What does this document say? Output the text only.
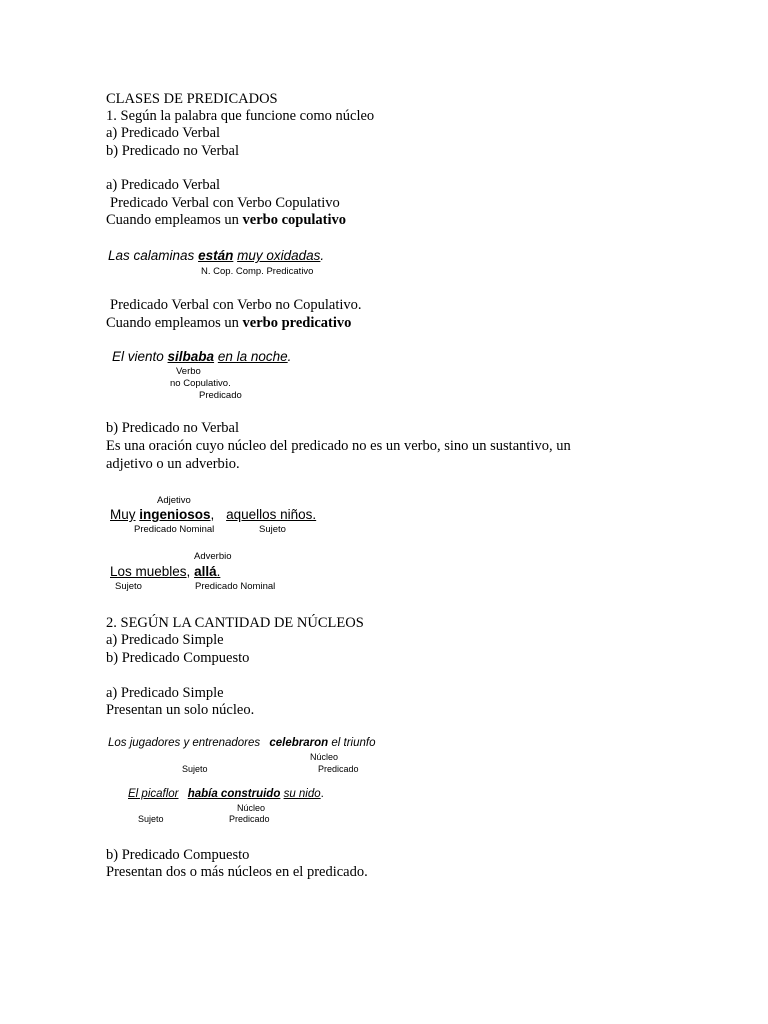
CLASES DE PREDICADOS
1. Según la palabra que funcione como núcleo
a) Predicado Verbal
b) Predicado no Verbal
a) Predicado Verbal
Predicado Verbal con Verbo Copulativo
Cuando empleamos un verbo copulativo
Las calaminas están muy oxidadas.
N. Cop. Comp. Predicativo
Predicado Verbal con Verbo no Copulativo.
Cuando empleamos un verbo predicativo
El viento silbaba en la noche.
Verbo
no Copulativo.
Predicado
b) Predicado no Verbal
Es una oración cuyo núcleo del predicado no es un verbo, sino un sustantivo, un
adjetivo o un adverbio.
Adjetivo
Muy ingeniosos, aquellos niños.
Predicado Nominal	Sujeto
Adverbio
Los muebles, allá.
Sujeto	Predicado Nominal
2. SEGÚN LA CANTIDAD DE NÚCLEOS
a) Predicado Simple
b) Predicado Compuesto
a) Predicado Simple
Presentan un solo núcleo.
Los jugadores y entrenadores celebraron el triunfo
Núcleo
Sujeto	Predicado
El picaflor había construido su nido.
Núcleo
Sujeto	Predicado
b) Predicado Compuesto
Presentan dos o más núcleos en el predicado.
